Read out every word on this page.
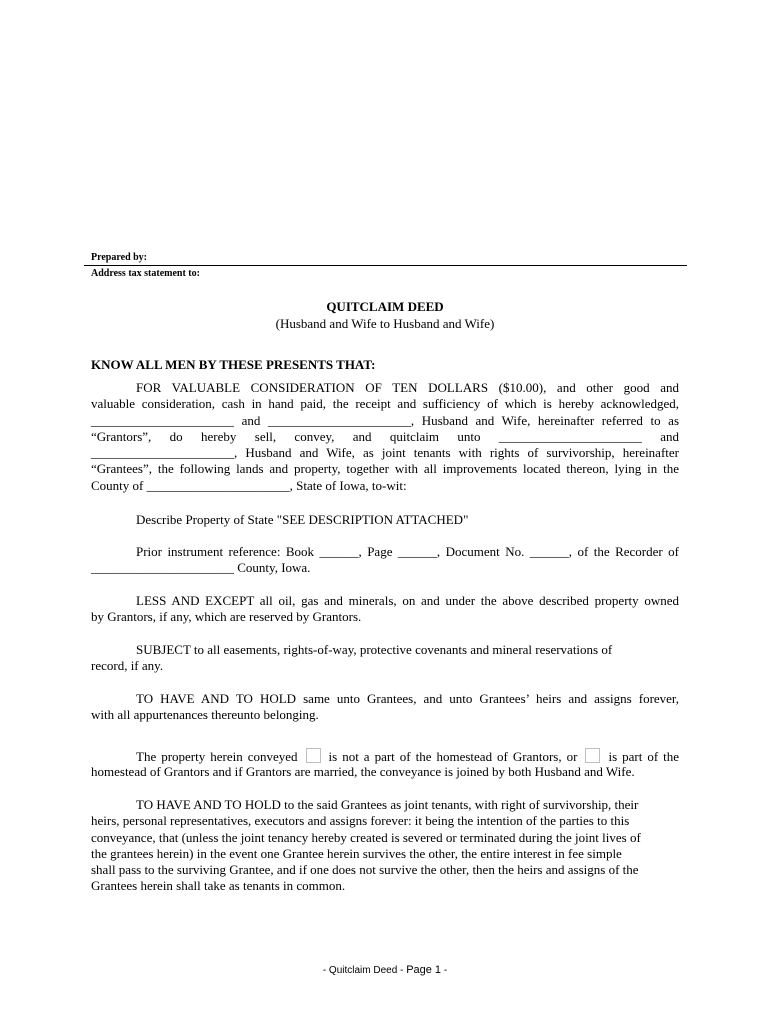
Prepared by:
Address tax statement to:
QUITCLAIM DEED
(Husband and Wife to Husband and Wife)
KNOW ALL MEN BY THESE PRESENTS THAT:
FOR VALUABLE CONSIDERATION OF TEN DOLLARS ($10.00), and other good and
valuable consideration, cash in hand paid, the receipt and sufficiency of which is hereby acknowledged,
______________________ and ______________________, Husband and Wife, hereinafter referred to as
“Grantors”, do hereby sell, convey, and quitclaim unto ______________________ and
______________________, Husband and Wife, as joint tenants with rights of survivorship, hereinafter
“Grantees”, the following lands and property, together with all improvements located thereon, lying in the
County of ______________________, State of Iowa, to-wit:
Describe Property of State "SEE DESCRIPTION ATTACHED"
Prior instrument reference: Book ______, Page ______, Document No. ______, of the Recorder of
______________________ County, Iowa.
LESS AND EXCEPT all oil, gas and minerals, on and under the above described property owned
by Grantors, if any, which are reserved by Grantors.
SUBJECT to all easements, rights-of-way, protective covenants and mineral reservations of
record, if any.
TO HAVE AND TO HOLD same unto Grantees, and unto Grantees’ heirs and assigns forever,
with all appurtenances thereunto belonging.
The property herein conveyed is not a part of the homestead of Grantors, or is part of the
homestead of Grantors and if Grantors are married, the conveyance is joined by both Husband and Wife.
TO HAVE AND TO HOLD to the said Grantees as joint tenants, with right of survivorship, their
heirs, personal representatives, executors and assigns forever: it being the intention of the parties to this
conveyance, that (unless the joint tenancy hereby created is severed or terminated during the joint lives of
the grantees herein) in the event one Grantee herein survives the other, the entire interest in fee simple
shall pass to the surviving Grantee, and if one does not survive the other, then the heirs and assigns of the
Grantees herein shall take as tenants in common.
- Quitclaim Deed - Page 1 -
